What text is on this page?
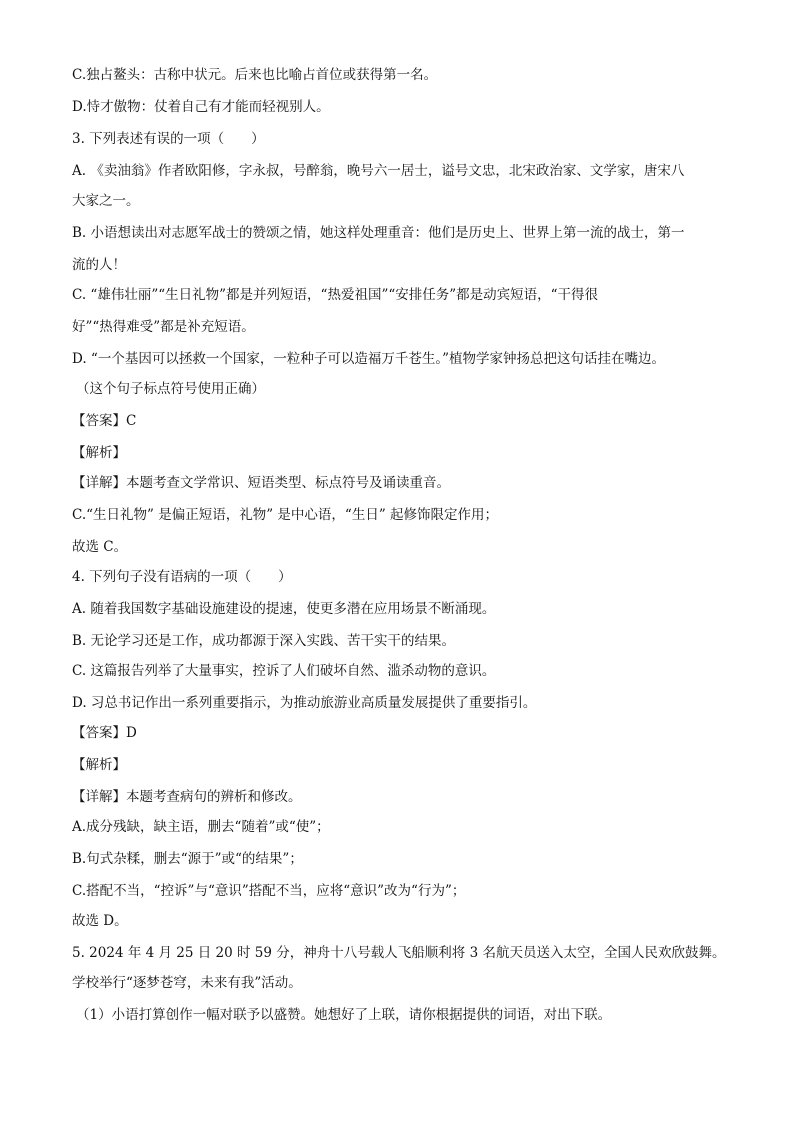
C.独占鳌头：古称中状元。后来也比喻占首位或获得第一名。
D.恃才傲物：仗着自己有才能而轻视别人。
3. 下列表述有误的一项（　　）
A. 《卖油翁》作者欧阳修，字永叔，号醉翁，晚号六一居士，谥号文忠，北宋政治家、文学家，唐宋八
大家之一。
B. 小语想读出对志愿军战士的赞颂之情，她这样处理重音：他们是历史上、世界上第一流的战士，第一
流的人！
C. “雄伟壮丽”“生日礼物”都是并列短语，“热爱祖国”“安排任务”都是动宾短语，“干得很
好”“热得难受”都是补充短语。
D. “一个基因可以拯救一个国家，一粒种子可以造福万千苍生。”植物学家钟扬总把这句话挂在嘴边。
（这个句子标点符号使用正确）
【答案】C
【解析】
【详解】本题考查文学常识、短语类型、标点符号及诵读重音。
C.“生日礼物” 是偏正短语，礼物” 是中心语，“生日” 起修饰限定作用；
故选 C。
4. 下列句子没有语病的一项（　　）
A. 随着我国数字基础设施建设的提速，使更多潜在应用场景不断涌现。
B. 无论学习还是工作，成功都源于深入实践、苦干实干的结果。
C. 这篇报告列举了大量事实，控诉了人们破坏自然、滥杀动物的意识。
D. 习总书记作出一系列重要指示，为推动旅游业高质量发展提供了重要指引。
【答案】D
【解析】
【详解】本题考查病句的辨析和修改。
A.成分残缺，缺主语，删去“随着”或“使”；
B.句式杂糅，删去“源于”或“的结果”；
C.搭配不当，“控诉”与“意识”搭配不当，应将“意识”改为“行为”；
故选 D。
5. 2024 年 4 月 25 日 20 时 59 分，神舟十八号载人飞船顺利将 3 名航天员送入太空，全国人民欢欣鼓舞。
学校举行“逐梦苍穹，未来有我”活动。
（1）小语打算创作一幅对联予以盛赞。她想好了上联，请你根据提供的词语，对出下联。
